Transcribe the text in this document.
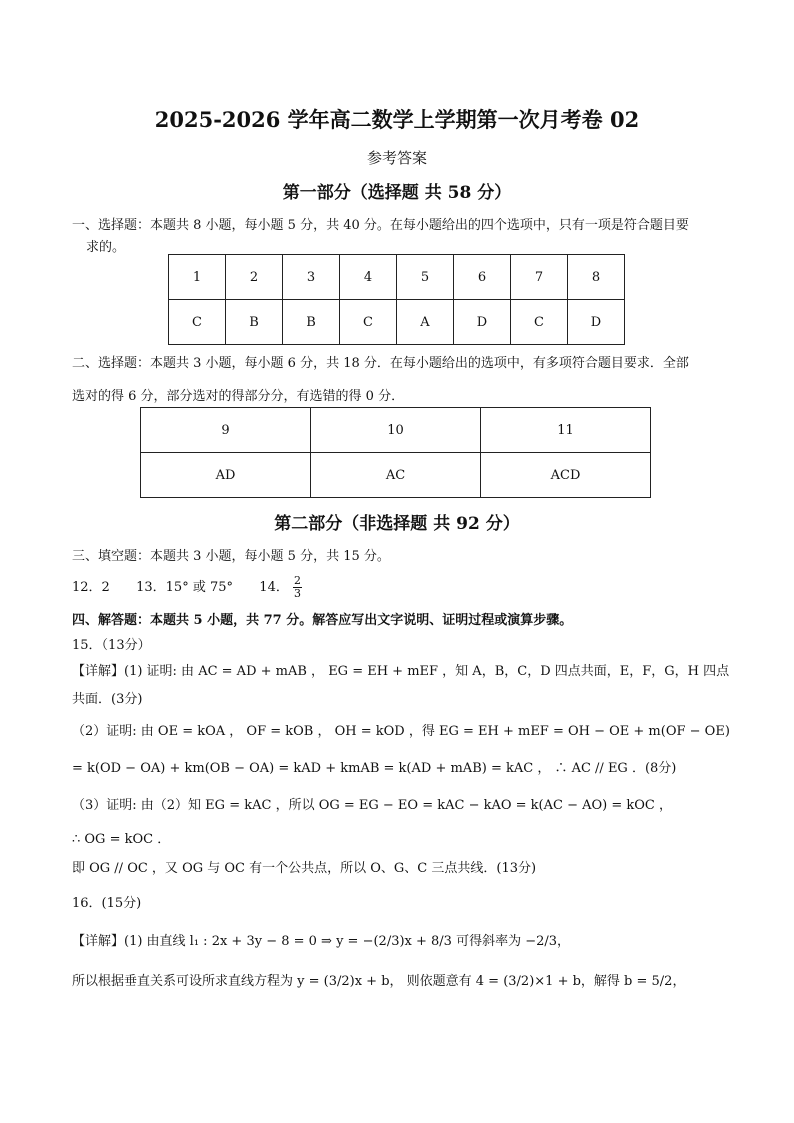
2025-2026 学年高二数学上学期第一次月考卷 02
参考答案
第一部分（选择题 共 58 分）
一、选择题：本题共 8 小题，每小题 5 分，共 40 分。在每小题给出的四个选项中，只有一项是符合题目要
求的。
1	2	3	4	5	6	7	8
C	B	B	C	A	D	C	D
二、选择题：本题共 3 小题，每小题 6 分，共 18 分．在每小题给出的选项中，有多项符合题目要求．全部
选对的得 6 分，部分选对的得部分分，有选错的得 0 分．
9	10	11
AD	AC	ACD
第二部分（非选择题 共 92 分）
三、填空题：本题共 3 小题，每小题 5 分，共 15 分。
12．2 13．15° 或 75° 14． $\frac{2}{3}$
四、解答题：本题共 5 小题，共 77 分。解答应写出文字说明、证明过程或演算步骤。
15．（13分）
【详解】(1) 证明: 由 AC = AD + mAB ， EG = EH + mEF ，知 A，B，C，D 四点共面，E，F，G，H 四点
共面．(3分)
（2）证明: 由 OE = kOA ， OF = kOB ， OH = kOD ，得 EG = EH + mEF = OH − OE + m(OF − OE)
= k(OD − OA) + km(OB − OA) = kAD + kmAB = k(AD + mAB) = kAC ， ∴ AC // EG ．(8分)
（3）证明: 由（2）知 EG = kAC ，所以 OG = EG − EO = kAC − kAO = k(AC − AO) = kOC ，
∴ OG = kOC ．
即 OG // OC ，又 OG 与 OC 有一个公共点，所以 O、G、C 三点共线．(13分)
16．(15分)
【详解】(1) 由直线 l₁ : 2x + 3y − 8 = 0 ⇒ y = −(2/3)x + 8/3 可得斜率为 −2/3，
所以根据垂直关系可设所求直线方程为 y = (3/2)x + b， 则依题意有 4 = (3/2)×1 + b，解得 b = 5/2，
